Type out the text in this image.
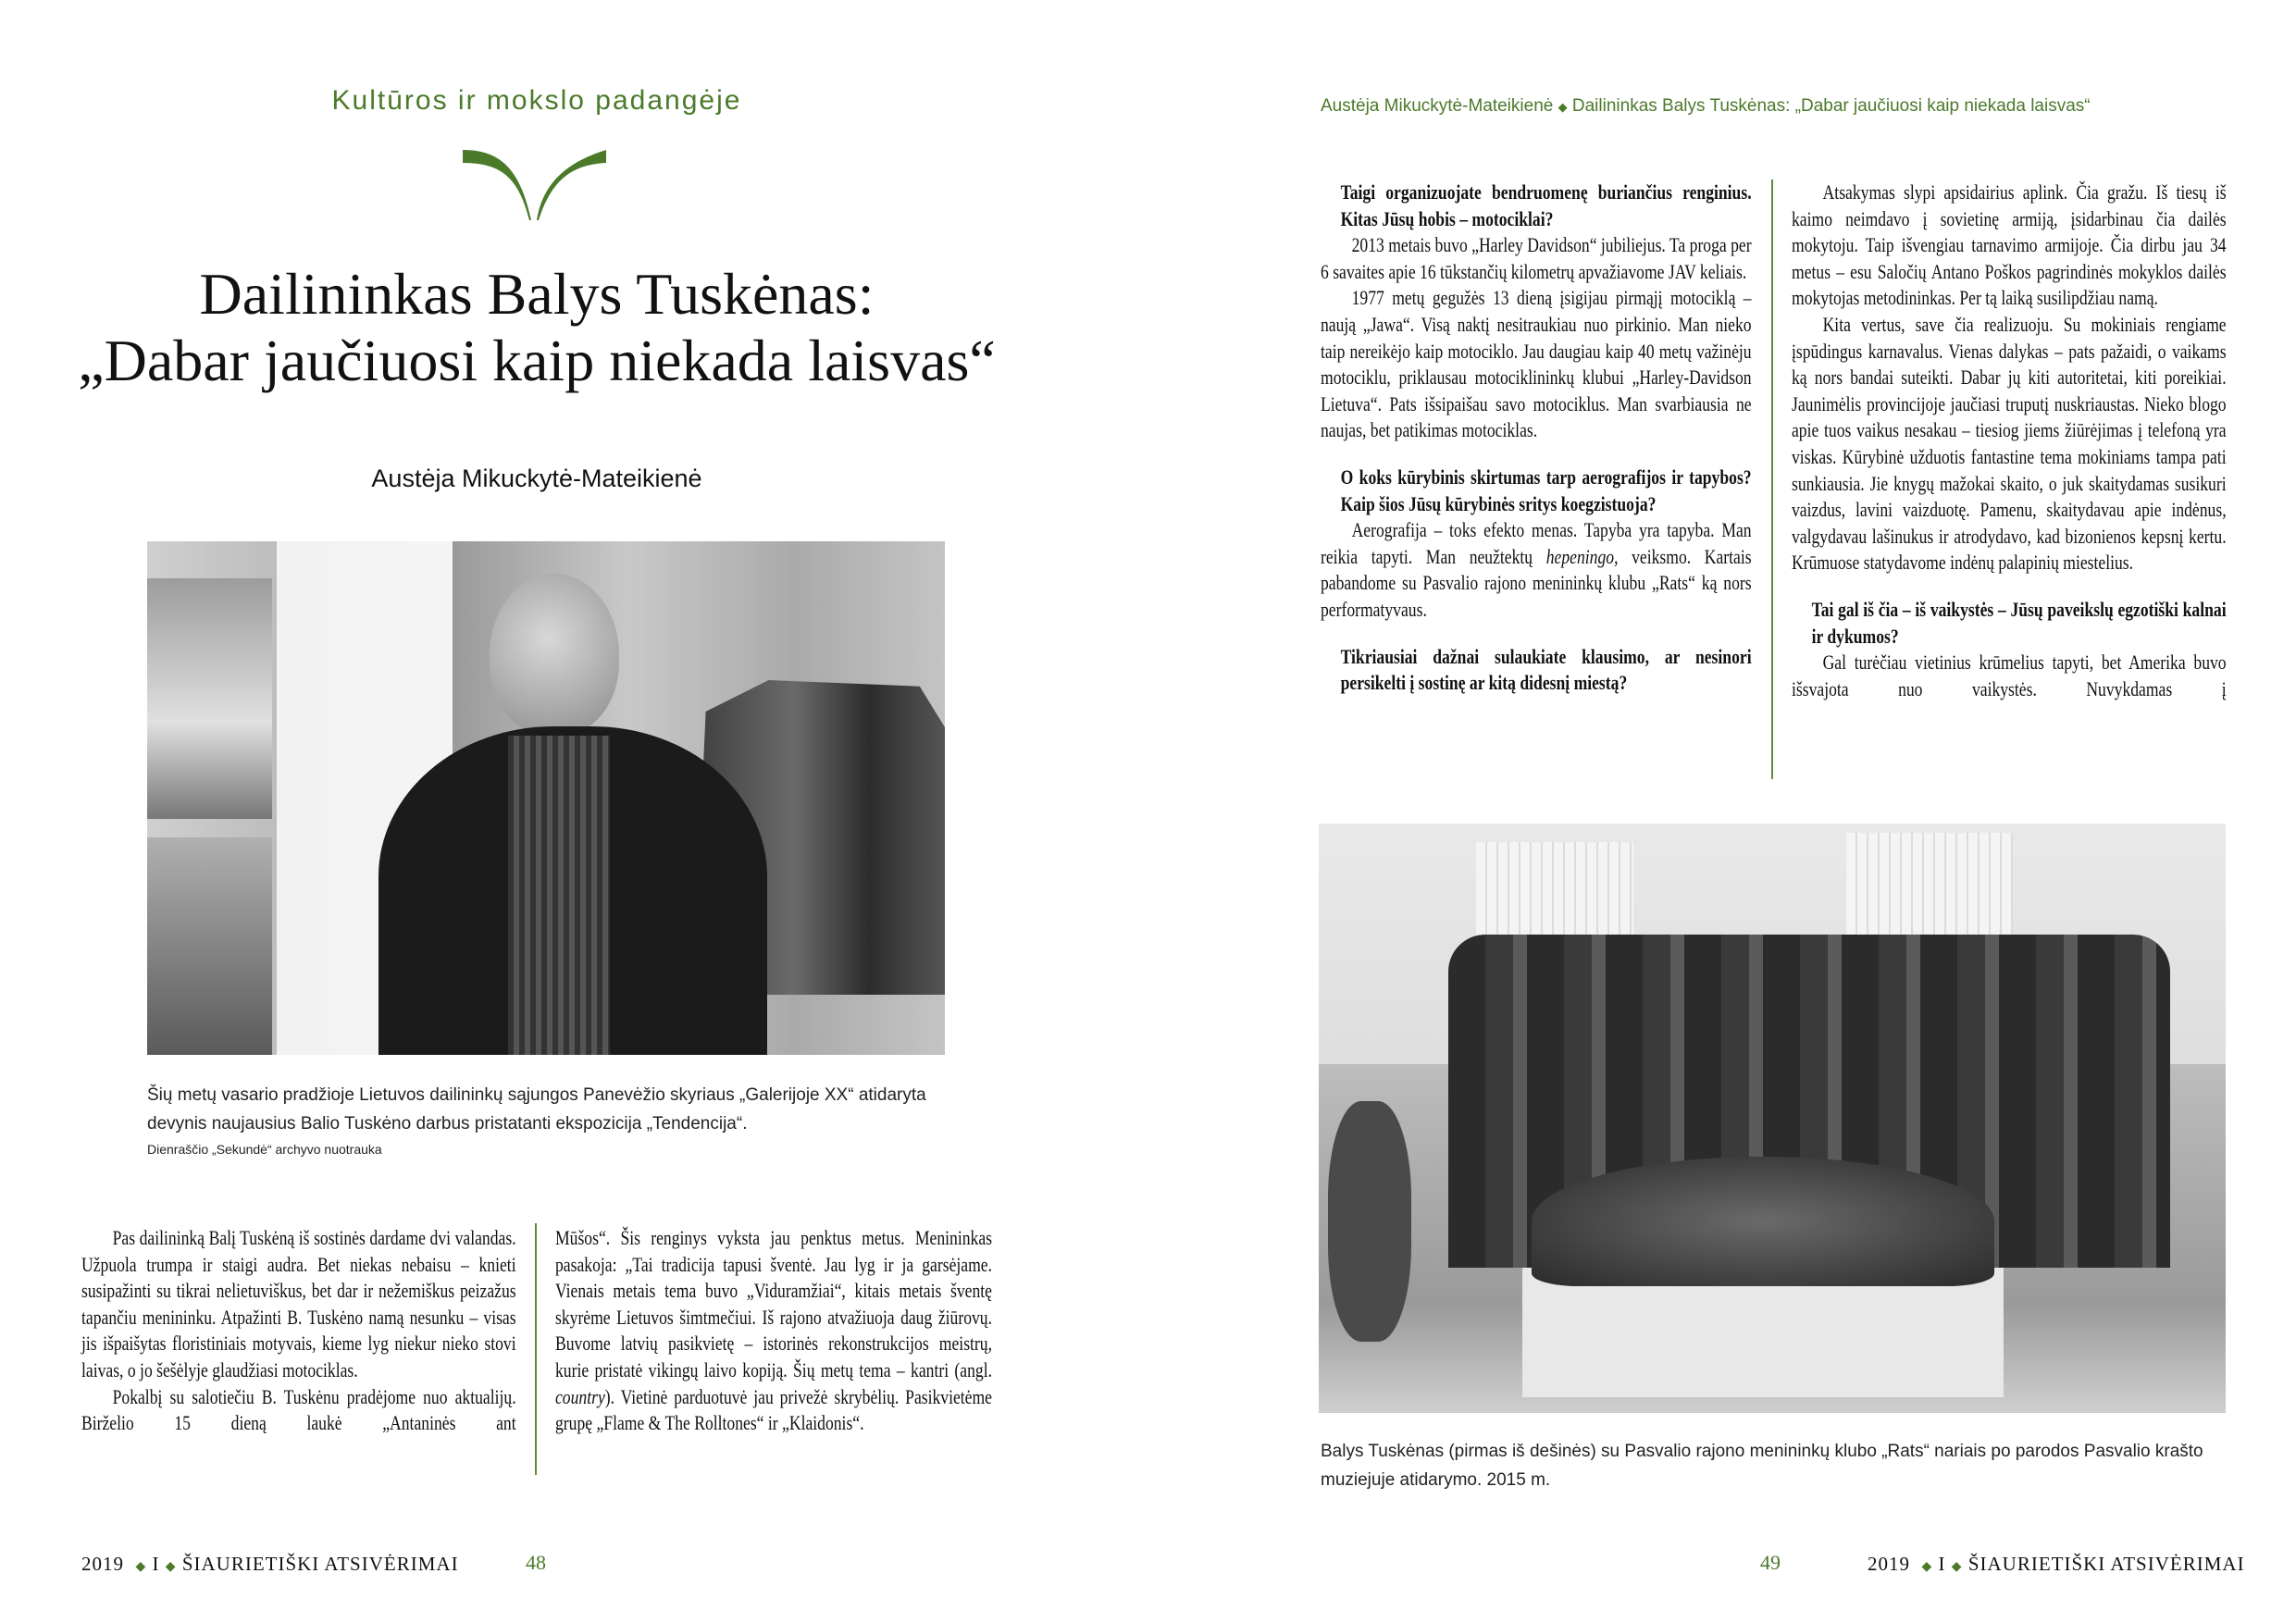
Kultūros ir mokslo padangėje
Dailininkas Balys Tuskėnas:
„Dabar jaučiuosi kaip niekada laisvas“
Austėja Mikuckytė-Mateikienė
Šių metų vasario pradžioje Lietuvos dailininkų sąjungos Panevėžio skyriaus „Galerijoje XX“ atidaryta devynis naujausius Balio Tuskėno darbus pristatanti ekspozicija „Tendencija“.
Dienraščio „Sekundė“ archyvo nuotrauka

Pas dailininką Balį Tuskėną iš sostinės dardame dvi valandas. Užpuola trumpa ir staigi audra. Bet niekas nebaisu – knieti susipažinti su tikrai nelietuviškus, bet dar ir nežemiškus peizažus tapančiu menininku. Atpažinti B. Tuskėno namą nesunku – visas jis išpaišytas floristiniais motyvais, kieme lyg niekur nieko stovi laivas, o jo šešėlyje glaudžiasi motociklas.

Pokalbį su salotiečiu B. Tuskėnu pradėjome nuo aktualijų. Birželio 15 dieną laukė „Antaninės ant

Mūšos“. Šis renginys vyksta jau penktus metus. Menininkas pasakoja: „Tai tradicija tapusi šventė. Jau lyg ir ja garsėjame. Vienais metais tema buvo „Viduramžiai“, kitais metais šventę skyrėme Lietuvos šimtmečiui. Iš rajono atvažiuoja daug žiūrovų. Buvome latvių pasikvietę – istorinės rekonstrukcijos meistrų, kurie pristatė vikingų laivo kopiją. Šių metų tema – kantri (angl. country). Vietinė parduotuvė jau privežė skrybėlių. Pasikvietėme grupę „Flame & The Rolltones“ ir „Klaidonis“.

2019 ◆ I ◆ ŠIAURIETIŠKI ATSIVĖRIMAI	48
Austėja Mikuckytė-Mateikienė ◆ Dailininkas Balys Tuskėnas: „Dabar jaučiuosi kaip niekada laisvas“

Taigi organizuojate bendruomenę buriančius renginius. Kitas Jūsų hobis – motociklai?

2013 metais buvo „Harley Davidson“ jubiliejus. Ta proga per 6 savaites apie 16 tūkstančių kilometrų apvažiavome JAV keliais.

1977 metų gegužės 13 dieną įsigijau pirmąjį motociklą – naują „Jawa“. Visą naktį nesitraukiau nuo pirkinio. Man nieko taip nereikėjo kaip motociklo. Jau daugiau kaip 40 metų važinėju motociklu, priklausau motociklininkų klubui „Harley-Davidson Lietuva“. Pats išsipaišau savo motociklus. Man svarbiausia ne naujas, bet patikimas motociklas.

O koks kūrybinis skirtumas tarp aerografijos ir tapybos? Kaip šios Jūsų kūrybinės sritys koegzistuoja?

Aerografija – toks efekto menas. Tapyba yra tapyba. Man reikia tapyti. Man neužtektų hepeningo, veiksmo. Kartais pabandome su Pasvalio rajono menininkų klubu „Rats“ ką nors performatyvaus.

Tikriausiai dažnai sulaukiate klausimo, ar nesinori persikelti į sostinę ar kitą didesnį miestą?

Atsakymas slypi apsidairius aplink. Čia gražu. Iš tiesų iš kaimo neimdavo į sovietinę armiją, įsidarbinau čia dailės mokytoju. Taip išvengiau tarnavimo armijoje. Čia dirbu jau 34 metus – esu Saločių Antano Poškos pagrindinės mokyklos dailės mokytojas metodininkas. Per tą laiką susilipdžiau namą.

Kita vertus, save čia realizuoju. Su mokiniais rengiame įspūdingus karnavalus. Vienas dalykas – pats pažaidi, o vaikams ką nors bandai suteikti. Dabar jų kiti autoritetai, kiti poreikiai. Jaunimėlis provincijoje jaučiasi truputį nuskriaustas. Nieko blogo apie tuos vaikus nesakau – tiesiog jiems žiūrėjimas į telefoną yra viskas. Kūrybinė užduotis fantastine tema mokiniams tampa pati sunkiausia. Jie knygų mažokai skaito, o juk skaitydamas susikuri vaizdus, lavini vaizduotę. Pamenu, skaitydavau apie indėnus, valgydavau lašinukus ir atrodydavo, kad bizonienos kepsnį kertu. Krūmuose statydavome indėnų palapinių miestelius.

Tai gal iš čia – iš vaikystės – Jūsų paveikslų egzotiški kalnai ir dykumos?

Gal turėčiau vietinius krūmelius tapyti, bet Amerika buvo išsvajota nuo vaikystės. Nuvykdamas į

Balys Tuskėnas (pirmas iš dešinės) su Pasvalio rajono menininkų klubo „Rats“ nariais po parodos Pasvalio krašto muziejuje atidarymo. 2015 m.
49	2019 ◆ I ◆ ŠIAURIETIŠKI ATSIVĖRIMAI
